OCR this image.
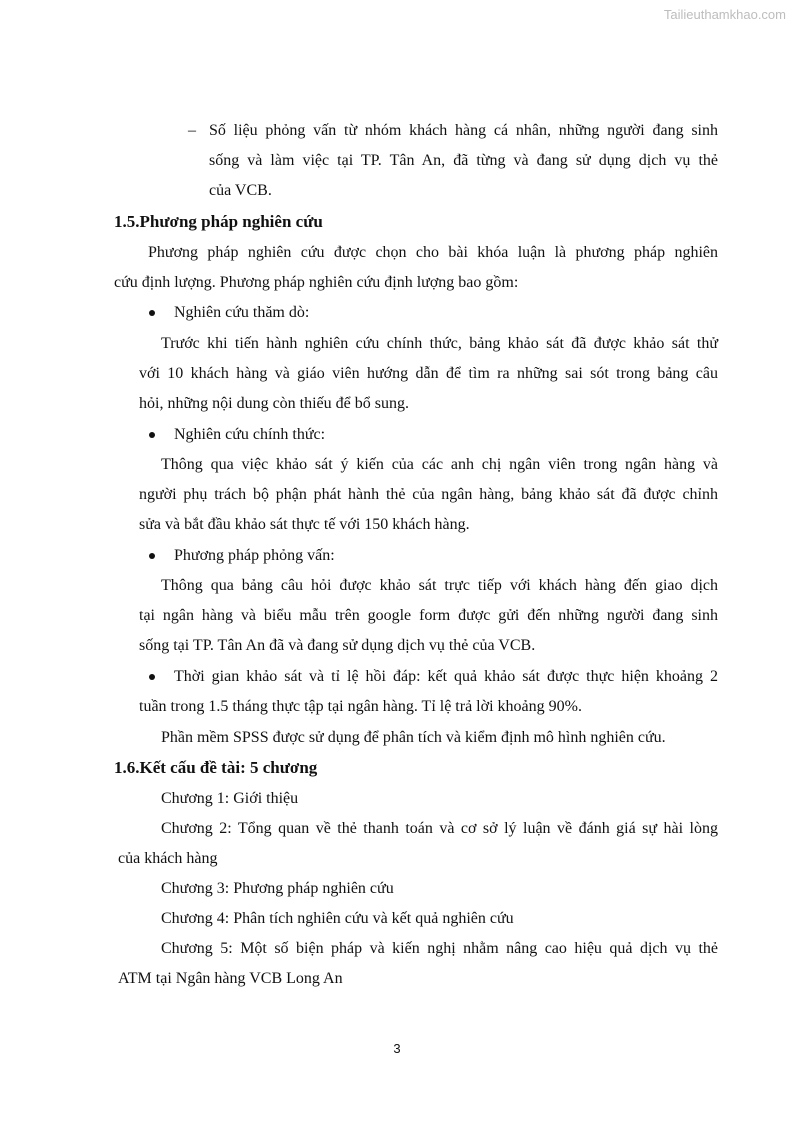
Tailieuthamkhao.com
– Số liệu phỏng vấn từ nhóm khách hàng cá nhân, những người đang sinh
sống và làm việc tại TP. Tân An, đã từng và đang sử dụng dịch vụ thẻ
của VCB.
1.5.Phương pháp nghiên cứu
Phương pháp nghiên cứu được chọn cho bài khóa luận là phương pháp nghiên
cứu định lượng. Phương pháp nghiên cứu định lượng bao gồm:
Nghiên cứu thăm dò:
Trước khi tiến hành nghiên cứu chính thức, bảng khảo sát đã được khảo sát thử
với 10 khách hàng và giáo viên hướng dẫn để tìm ra những sai sót trong bảng câu
hỏi, những nội dung còn thiếu để bổ sung.
Nghiên cứu chính thức:
Thông qua việc khảo sát ý kiến của các anh chị ngân viên trong ngân hàng và
người phụ trách bộ phận phát hành thẻ của ngân hàng, bảng khảo sát đã được chỉnh
sửa và bắt đầu khảo sát thực tế với 150 khách hàng.
Phương pháp phỏng vấn:
Thông qua bảng câu hỏi được khảo sát trực tiếp với khách hàng đến giao dịch
tại ngân hàng và biểu mẫu trên google form được gửi đến những người đang sinh
sống tại TP. Tân An đã và đang sử dụng dịch vụ thẻ của VCB.
Thời gian khảo sát và tỉ lệ hồi đáp: kết quả khảo sát được thực hiện khoảng 2
tuần trong 1.5 tháng thực tập tại ngân hàng. Tỉ lệ trả lời khoảng 90%.
Phần mềm SPSS được sử dụng để phân tích và kiểm định mô hình nghiên cứu.
1.6.Kết cấu đề tài: 5 chương
Chương 1: Giới thiệu
Chương 2: Tổng quan về thẻ thanh toán và cơ sở lý luận về đánh giá sự hài lòng
của khách hàng
Chương 3: Phương pháp nghiên cứu
Chương 4: Phân tích nghiên cứu và kết quả nghiên cứu
Chương 5: Một số biện pháp và kiến nghị nhằm nâng cao hiệu quả dịch vụ thẻ
ATM tại Ngân hàng VCB Long An
3
